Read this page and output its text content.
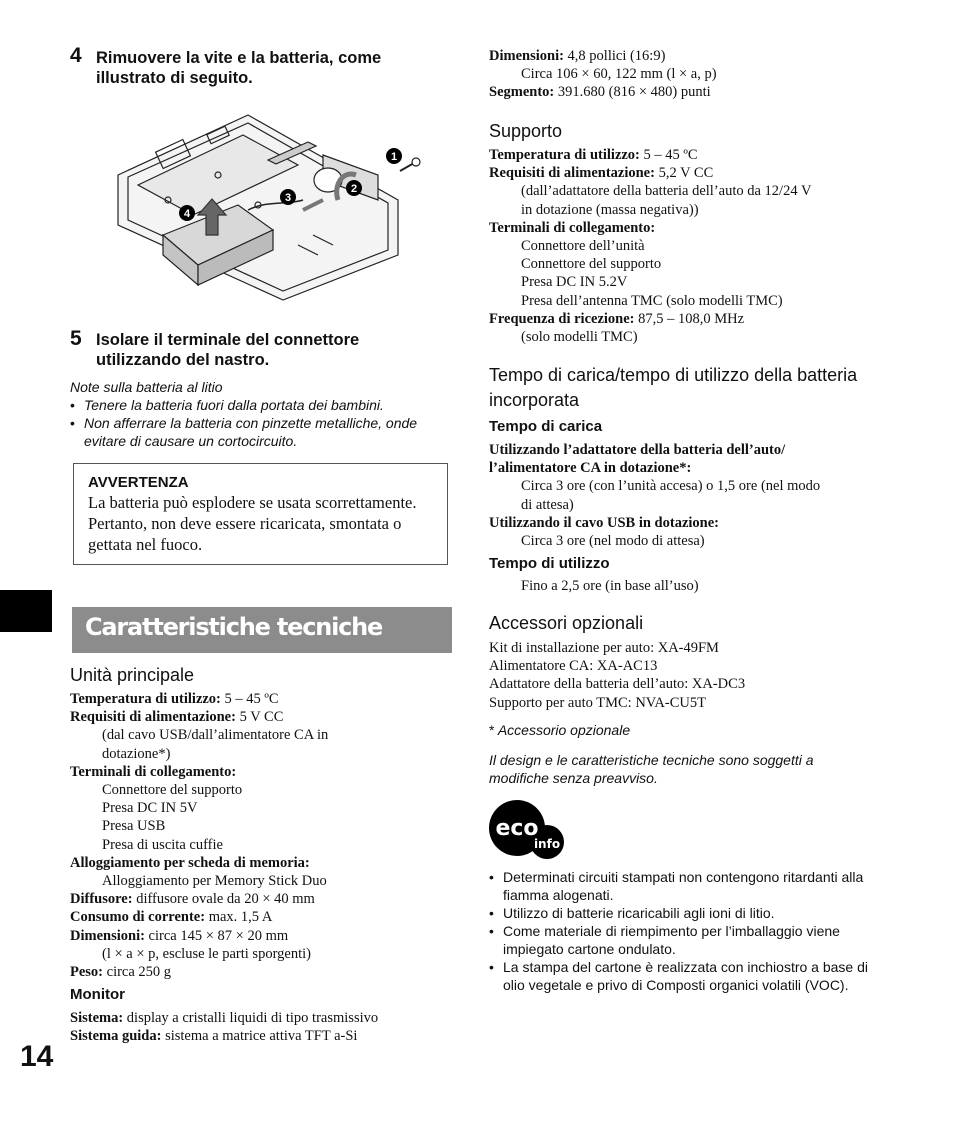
4 Rimuovere la vite e la batteria, come illustrato di seguito.
1
2
3
4
5 Isolare il terminale del connettore utilizzando del nastro.
Note sulla batteria al litio
• Tenere la batteria fuori dalla portata dei bambini.
• Non afferrare la batteria con pinzette metalliche, onde evitare di causare un cortocircuito.
AVVERTENZA
La batteria può esplodere se usata scorrettamente. Pertanto, non deve essere ricaricata, smontata o gettata nel fuoco.
Caratteristiche tecniche
Unità principale
Temperatura di utilizzo: 5 – 45 ºC
Requisiti di alimentazione: 5 V CC
(dal cavo USB/dall’alimentatore CA in
dotazione*)
Terminali di collegamento:
Connettore del supporto
Presa DC IN 5V
Presa USB
Presa di uscita cuffie
Alloggiamento per scheda di memoria:
Alloggiamento per Memory Stick Duo
Diffusore: diffusore ovale da 20 × 40 mm
Consumo di corrente: max. 1,5 A
Dimensioni: circa 145 × 87 × 20 mm
(l × a × p, escluse le parti sporgenti)
Peso: circa 250 g
Monitor
Sistema: display a cristalli liquidi di tipo trasmissivo
Sistema guida: sistema a matrice attiva TFT a-Si
14
Dimensioni: 4,8 pollici (16:9)
Circa 106 × 60, 122 mm (l × a, p)
Segmento: 391.680 (816 × 480) punti
Supporto
Temperatura di utilizzo: 5 – 45 ºC
Requisiti di alimentazione: 5,2 V CC
(dall’adattatore della batteria dell’auto da 12/24 V
in dotazione (massa negativa))
Terminali di collegamento:
Connettore dell’unità
Connettore del supporto
Presa DC IN 5.2V
Presa dell’antenna TMC (solo modelli TMC)
Frequenza di ricezione: 87,5 – 108,0 MHz
(solo modelli TMC)
Tempo di carica/tempo di utilizzo della batteria incorporata
Tempo di carica
Utilizzando l’adattatore della batteria dell’auto/
l’alimentatore CA in dotazione*:
Circa 3 ore (con l’unità accesa) o 1,5 ore (nel modo
di attesa)
Utilizzando il cavo USB in dotazione:
Circa 3 ore (nel modo di attesa)
Tempo di utilizzo
Fino a 2,5 ore (in base all’uso)
Accessori opzionali
Kit di installazione per auto: XA-49FM
Alimentatore CA: XA-AC13
Adattatore della batteria dell’auto: XA-DC3
Supporto per auto TMC: NVA-CU5T
* Accessorio opzionale
Il design e le caratteristiche tecniche sono soggetti a modifiche senza preavviso.
eco
info
• Determinati circuiti stampati non contengono ritardanti alla fiamma alogenati.
• Utilizzo di batterie ricaricabili agli ioni di litio.
• Come materiale di riempimento per l’imballaggio viene impiegato cartone ondulato.
• La stampa del cartone è realizzata con inchiostro a base di olio vegetale e privo di Composti organici volatili (VOC).
